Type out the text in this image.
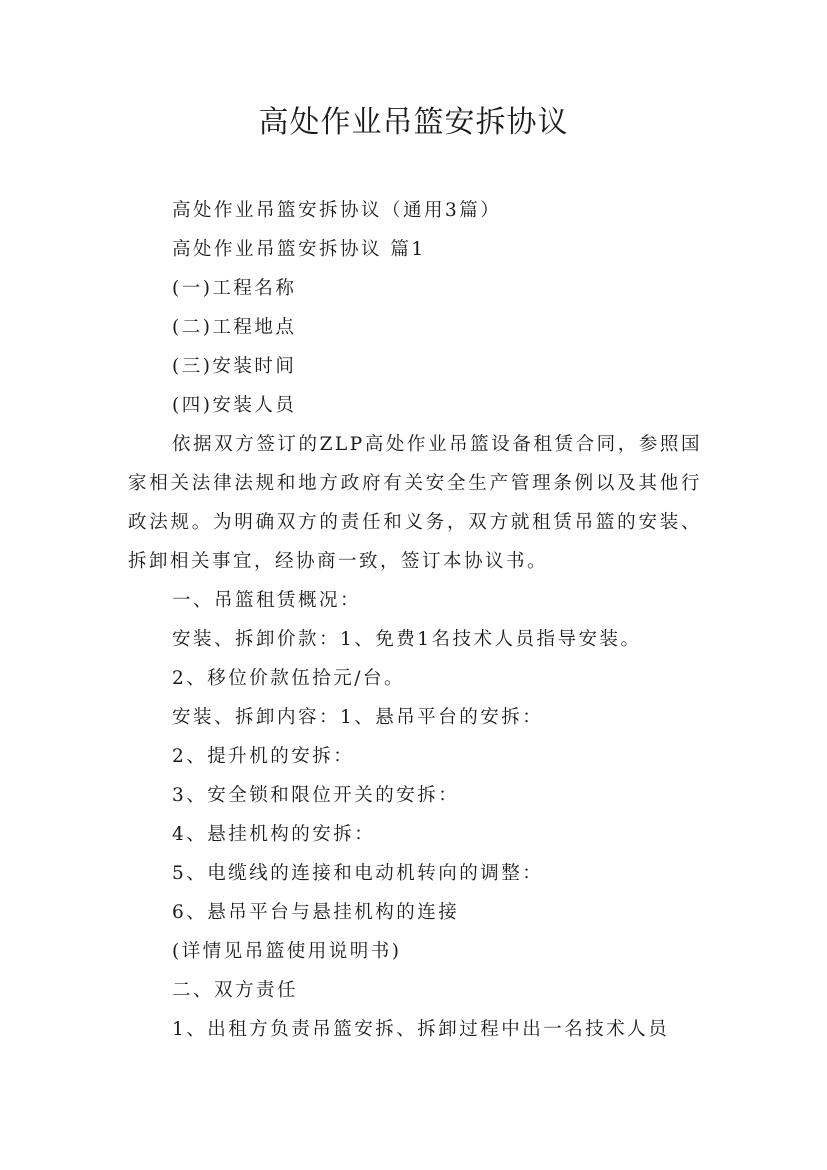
高处作业吊篮安拆协议

高处作业吊篮安拆协议（通用3篇）

高处作业吊篮安拆协议 篇1

(一)工程名称

(二)工程地点

(三)安装时间

(四)安装人员

依据双方签订的ZLP高处作业吊篮设备租赁合同，参照国家相关法律法规和地方政府有关安全生产管理条例以及其他行政法规。为明确双方的责任和义务，双方就租赁吊篮的安装、拆卸相关事宜，经协商一致，签订本协议书。

一、吊篮租赁概况：

安装、拆卸价款：1、免费1名技术人员指导安装。

2、移位价款伍拾元/台。

安装、拆卸内容：1、悬吊平台的安拆：

2、提升机的安拆：

3、安全锁和限位开关的安拆：

4、悬挂机构的安拆：

5、电缆线的连接和电动机转向的调整：

6、悬吊平台与悬挂机构的连接

(详情见吊篮使用说明书)

二、双方责任

1、出租方负责吊篮安拆、拆卸过程中出一名技术人员
